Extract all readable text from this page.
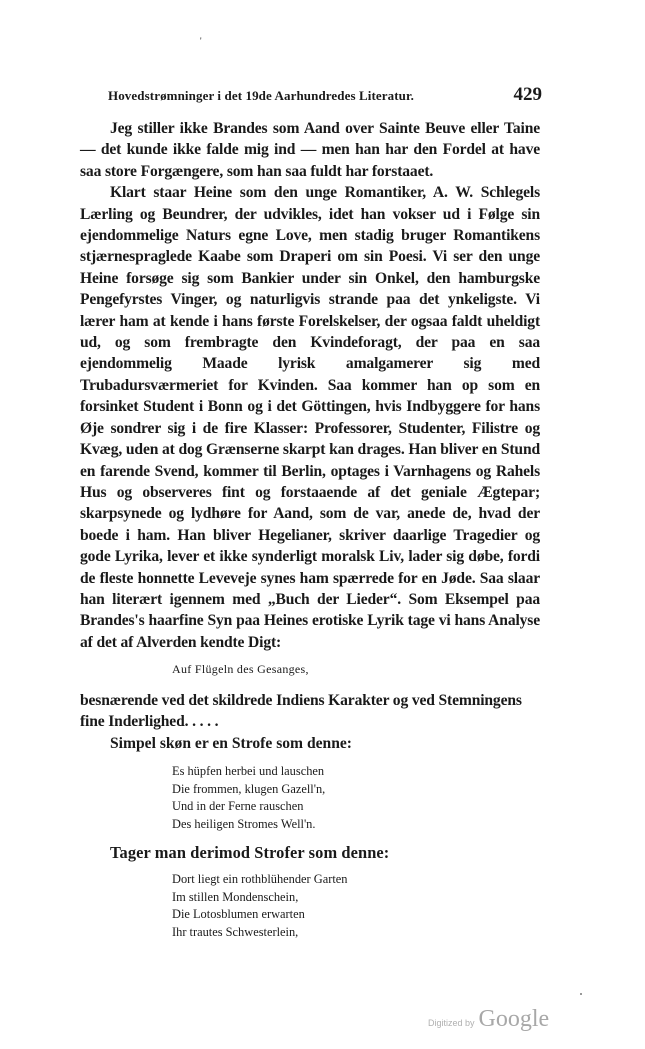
'
Hovedstrømninger i det 19de Aarhundredes Literatur.	429

Jeg stiller ikke Brandes som Aand over Sainte Beuve eller Taine — det kunde ikke falde mig ind — men han har den Fordel at have saa store Forgængere, som han saa fuldt har forstaaet.

Klart staar Heine som den unge Romantiker, A. W. Schlegels Lærling og Beundrer, der udvikles, idet han vokser ud i Følge sin ejendommelige Naturs egne Love, men stadig bruger Romantikens stjærnespraglede Kaabe som Draperi om sin Poesi. Vi ser den unge Heine forsøge sig som Bankier under sin Onkel, den hamburgske Pengefyrstes Vinger, og naturligvis strande paa det ynkeligste. Vi lærer ham at kende i hans første Forelskelser, der ogsaa faldt uheldigt ud, og som frembragte den Kvindeforagt, der paa en saa ejendommelig Maade lyrisk amalgamerer sig med Trubadursværmeriet for Kvinden. Saa kommer han op som en forsinket Student i Bonn og i det Göttingen, hvis Indbyggere for hans Øje sondrer sig i de fire Klasser: Professorer, Studenter, Filistre og Kvæg, uden at dog Grænserne skarpt kan drages. Han bliver en Stund en farende Svend, kommer til Berlin, optages i Varnhagens og Rahels Hus og observeres fint og forstaaende af det geniale Ægtepar; skarpsynede og lydhøre for Aand, som de var, anede de, hvad der boede i ham. Han bliver Hegelianer, skriver daarlige Tragedier og gode Lyrika, lever et ikke synderligt moralsk Liv, lader sig døbe, fordi de fleste honnette Leveveje synes ham spærrede for en Jøde. Saa slaar han literært igennem med „Buch der Lieder“. Som Eksempel paa Brandes's haarfine Syn paa Heines erotiske Lyrik tage vi hans Analyse af det af Alverden kendte Digt:

Auf Flügeln des Gesanges,

besnærende ved det skildrede Indiens Karakter og ved Stemningens fine Inderlighed. . . . .

Simpel skøn er en Strofe som denne:
Es hüpfen herbei und lauschen
Die frommen, klugen Gazell'n,
Und in der Ferne rauschen
Des heiligen Stromes Well'n.
Tager man derimod Strofer som denne:
Dort liegt ein rothblühender Garten
Im stillen Mondenschein,
Die Lotosblumen erwarten
Ihr trautes Schwesterlein,
Digitized by Google
